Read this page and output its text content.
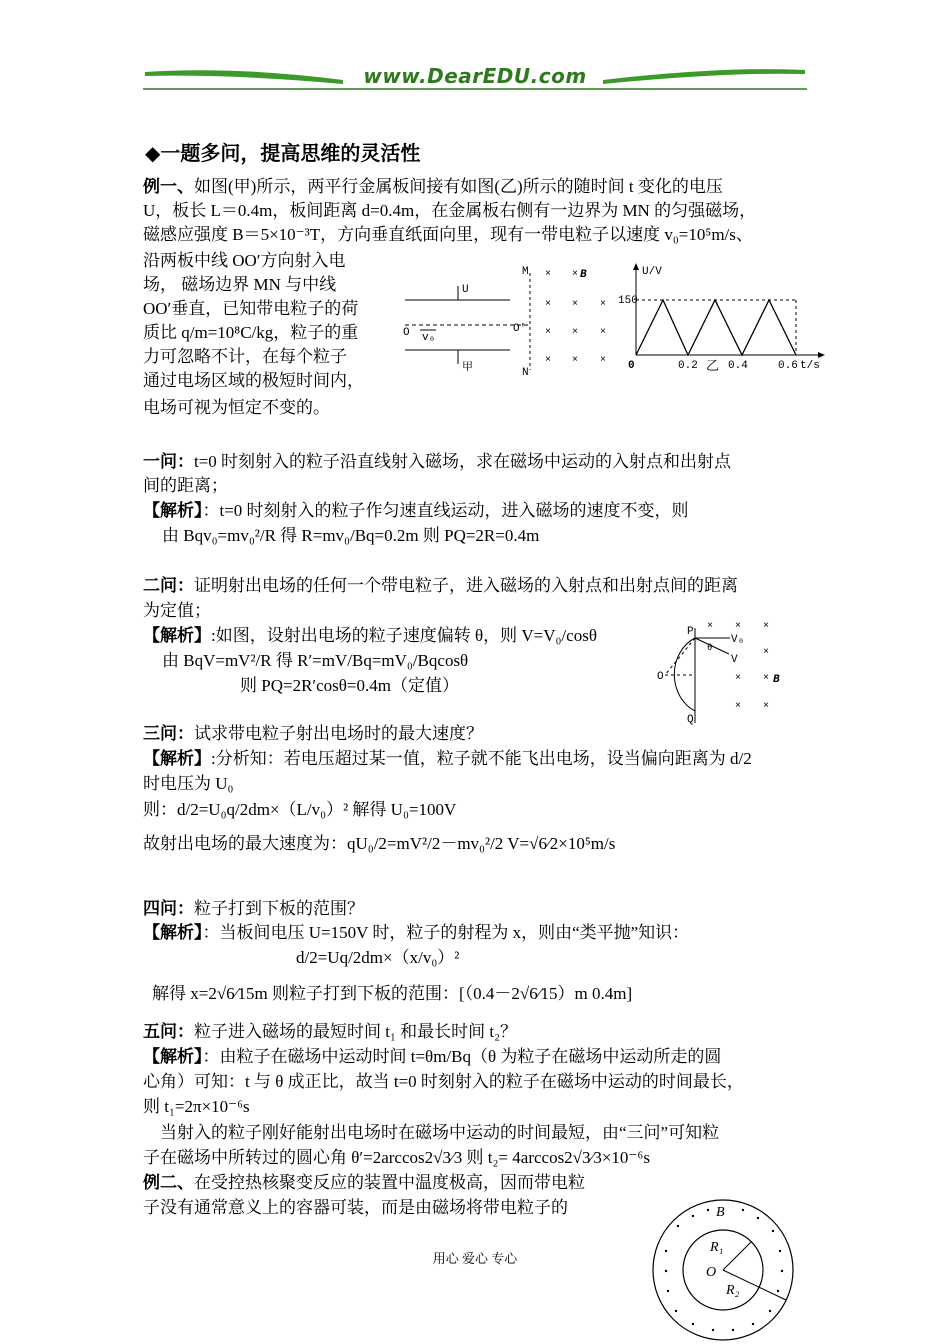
www.DearEDU.com
◆一题多问，提高思维的灵活性
例一、如图(甲)所示，两平行金属板间接有如图(乙)所示的随时间 t 变化的电压
U，板长 L＝0.4m，板间距离 d=0.4m，在金属板右侧有一边界为 MN 的匀强磁场，
磁感应强度 B＝5×10⁻³T，方向垂直纸面向里，现有一带电粒子以速度 v₀=10⁵m/s、
沿两板中线 OO′方向射入电
场， 磁场边界 MN 与中线
OO′垂直，已知带电粒子的荷
质比 q/m=10⁸C/kg，粒子的重
力可忽略不计，在每个粒子
通过电场区域的极短时间内，
电场可视为恒定不变的。
U
甲
O v₀
O′
M
N
× ×
× × ×
× × ×
× × ×
B	U/V
150
0	0.2 乙 0.4	0.6 t/s
一问：t=0 时刻射入的粒子沿直线射入磁场，求在磁场中运动的入射点和出射点
间的距离；
【解析】：t=0 时刻射入的粒子作匀速直线运动，进入磁场的速度不变，则
由 Bqv₀=mv₀²/R 得 R=mv₀/Bq=0.2m 则 PQ=2R=0.4m
二问：证明射出电场的任何一个带电粒子，进入磁场的入射点和出射点间的距离
为定值；
【解析】:如图，设射出电场的粒子速度偏转 θ，则 V=V₀/cosθ
由 BqV=mV²/R 得 R′=mV/Bq=mV₀/Bqcosθ
则 PQ=2R′cosθ=0.4m（定值）
P
Q
O
V₀
V
θ
× × ×
×
× ×
× ×
B
三问：试求带电粒子射出电场时的最大速度？
【解析】:分析知：若电压超过某一值，粒子就不能飞出电场，设当偏向距离为 d/2
时电压为 U₀
则：d/2=U₀q/2dm×（L/v₀）² 解得 U₀=100V
故射出电场的最大速度为：qU₀/2=mV²/2－mv₀²/2 V=√6⁄2×10⁵m/s
四问：粒子打到下板的范围？
【解析】：当板间电压 U=150V 时，粒子的射程为 x，则由“类平抛”知识：
d/2=Uq/2dm×（x/v₀）²
解得 x=2√6⁄15m 则粒子打到下板的范围：[（0.4－2√6⁄15）m 0.4m]
五问：粒子进入磁场的最短时间 t₁ 和最长时间 t₂？
【解析】：由粒子在磁场中运动时间 t=θm/Bq（θ 为粒子在磁场中运动所走的圆
心角）可知：t 与 θ 成正比，故当 t=0 时刻射入的粒子在磁场中运动的时间最长，
则 t₁=2π×10⁻⁶s
当射入的粒子刚好能射出电场时在磁场中运动的时间最短，由“三问”可知粒
子在磁场中所转过的圆心角 θ′=2arccos2√3⁄3 则 t₂= 4arccos2√3⁄3×10⁻⁶s
例二、在受控热核聚变反应的装置中温度极高，因而带电粒
子没有通常意义上的容器可装，而是由磁场将带电粒子的	B
O
R₁
R₂
用心 爱心 专心
